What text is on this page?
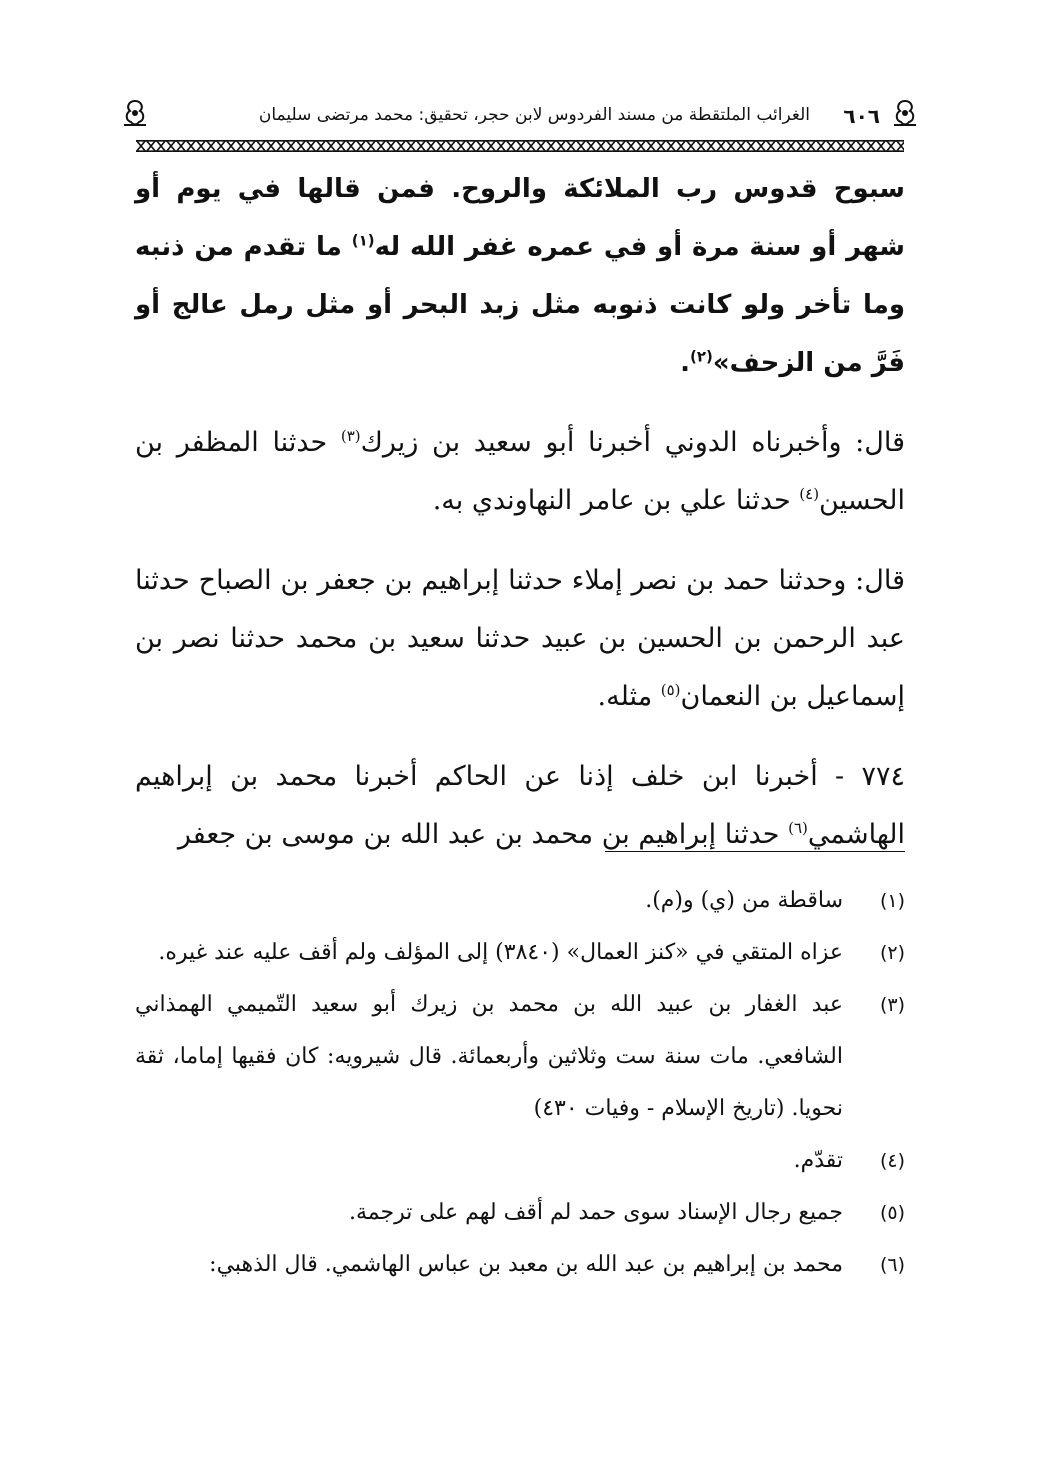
٦٠٦
الغرائب الملتقطة من مسند الفردوس لابن حجر، تحقيق: محمد مرتضى سليمان

سبوح قدوس رب الملائكة والروح. فمن قالها في يوم أو شهر أو سنة مرة أو في عمره غفر الله له$^{(١)}$ ما تقدم من ذنبه وما تأخر ولو كانت ذنوبه مثل زبد البحر أو مثل رمل عالج أو فَرَّ من الزحف»$^{(٢)}$.

قال: وأخبرناه الدوني أخبرنا أبو سعيد بن زيرك$^{(٣)}$ حدثنا المظفر بن الحسين$^{(٤)}$ حدثنا علي بن عامر النهاوندي به.

قال: وحدثنا حمد بن نصر إملاء حدثنا إبراهيم بن جعفر بن الصباح حدثنا عبد الرحمن بن الحسين بن عبيد حدثنا سعيد بن محمد حدثنا نصر بن إسماعيل بن النعمان$^{(٥)}$ مثله.

٧٧٤ - أخبرنا ابن خلف إذنا عن الحاكم أخبرنا محمد بن إبراهيم الهاشمي$^{(٦)}$ حدثنا إبراهيم بن محمد بن عبد الله بن موسى بن جعفر

(١)
ساقطة من (ي) و(م).
(٢)
عزاه المتقي في «كنز العمال» (٣٨٤٠) إلى المؤلف ولم أقف عليه عند غيره.
(٣)
عبد الغفار بن عبيد الله بن محمد بن زيرك أبو سعيد التّميمي الهمذاني الشافعي. مات سنة ست وثلاثين وأربعمائة. قال شيرويه: كان فقيها إماما، ثقة نحويا. (تاريخ الإسلام - وفيات ٤٣٠)
(٤)
تقدّم.
(٥)
جميع رجال الإسناد سوى حمد لم أقف لهم على ترجمة.
(٦)
محمد بن إبراهيم بن عبد الله بن معبد بن عباس الهاشمي. قال الذهبي:
